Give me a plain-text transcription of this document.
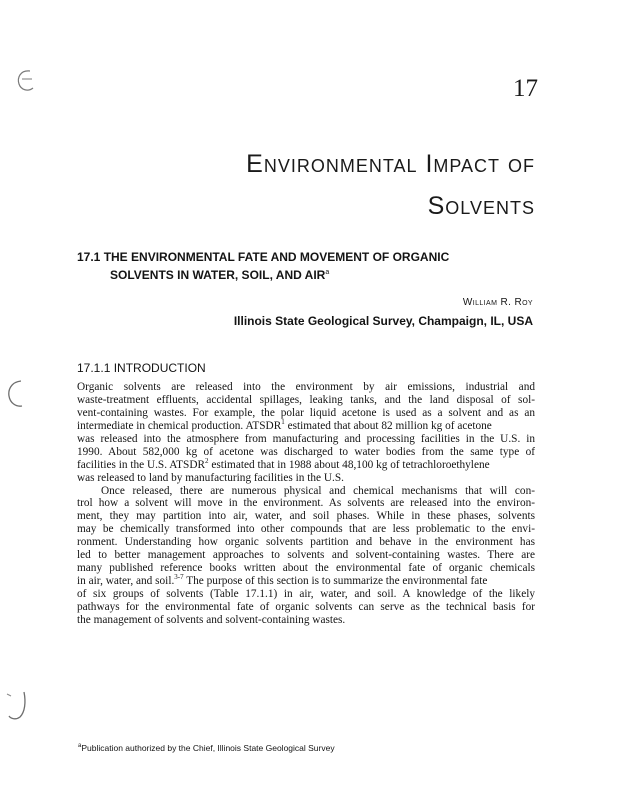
17
Environmental Impact of
Solvents
17.1 THE ENVIRONMENTAL FATE AND MOVEMENT OF ORGANIC
SOLVENTS IN WATER, SOIL, AND AIR$^a$
William R. Roy
Illinois State Geological Survey, Champaign, IL, USA
17.1.1 INTRODUCTION
Organic solvents are released into the environment by air emissions, industrial and
waste-treatment effluents, accidental spillages, leaking tanks, and the land disposal of sol-
vent-containing wastes. For example, the polar liquid acetone is used as a solvent and as an
intermediate in chemical production. ATSDR$^1$ estimated that about 82 million kg of acetone
was released into the atmosphere from manufacturing and processing facilities in the U.S. in
1990. About 582,000 kg of acetone was discharged to water bodies from the same type of
facilities in the U.S. ATSDR$^2$ estimated that in 1988 about 48,100 kg of tetrachloroethylene
was released to land by manufacturing facilities in the U.S.
Once released, there are numerous physical and chemical mechanisms that will con-
trol how a solvent will move in the environment. As solvents are released into the environ-
ment, they may partition into air, water, and soil phases. While in these phases, solvents
may be chemically transformed into other compounds that are less problematic to the envi-
ronment. Understanding how organic solvents partition and behave in the environment has
led to better management approaches to solvents and solvent-containing wastes. There are
many published reference books written about the environmental fate of organic chemicals
in air, water, and soil.$^{3-7}$ The purpose of this section is to summarize the environmental fate
of six groups of solvents (Table 17.1.1) in air, water, and soil. A knowledge of the likely
pathways for the environmental fate of organic solvents can serve as the technical basis for
the management of solvents and solvent-containing wastes.
$^a$Publication authorized by the Chief, Illinois State Geological Survey
